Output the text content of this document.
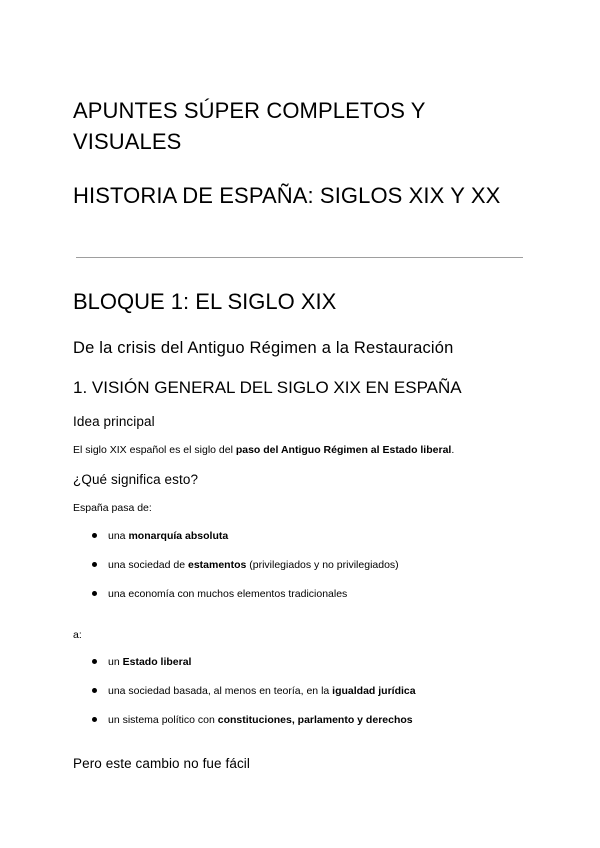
APUNTES SÚPER COMPLETOS Y VISUALES
HISTORIA DE ESPAÑA: SIGLOS XIX Y XX
BLOQUE 1: EL SIGLO XIX
De la crisis del Antiguo Régimen a la Restauración
1. VISIÓN GENERAL DEL SIGLO XIX EN ESPAÑA
Idea principal

El siglo XIX español es el siglo del paso del Antiguo Régimen al Estado liberal.

¿Qué significa esto?

España pasa de:

una monarquía absoluta
una sociedad de estamentos (privilegiados y no privilegiados)
una economía con muchos elementos tradicionales

a:

un Estado liberal
una sociedad basada, al menos en teoría, en la igualdad jurídica
un sistema político con constituciones, parlamento y derechos
Pero este cambio no fue fácil
